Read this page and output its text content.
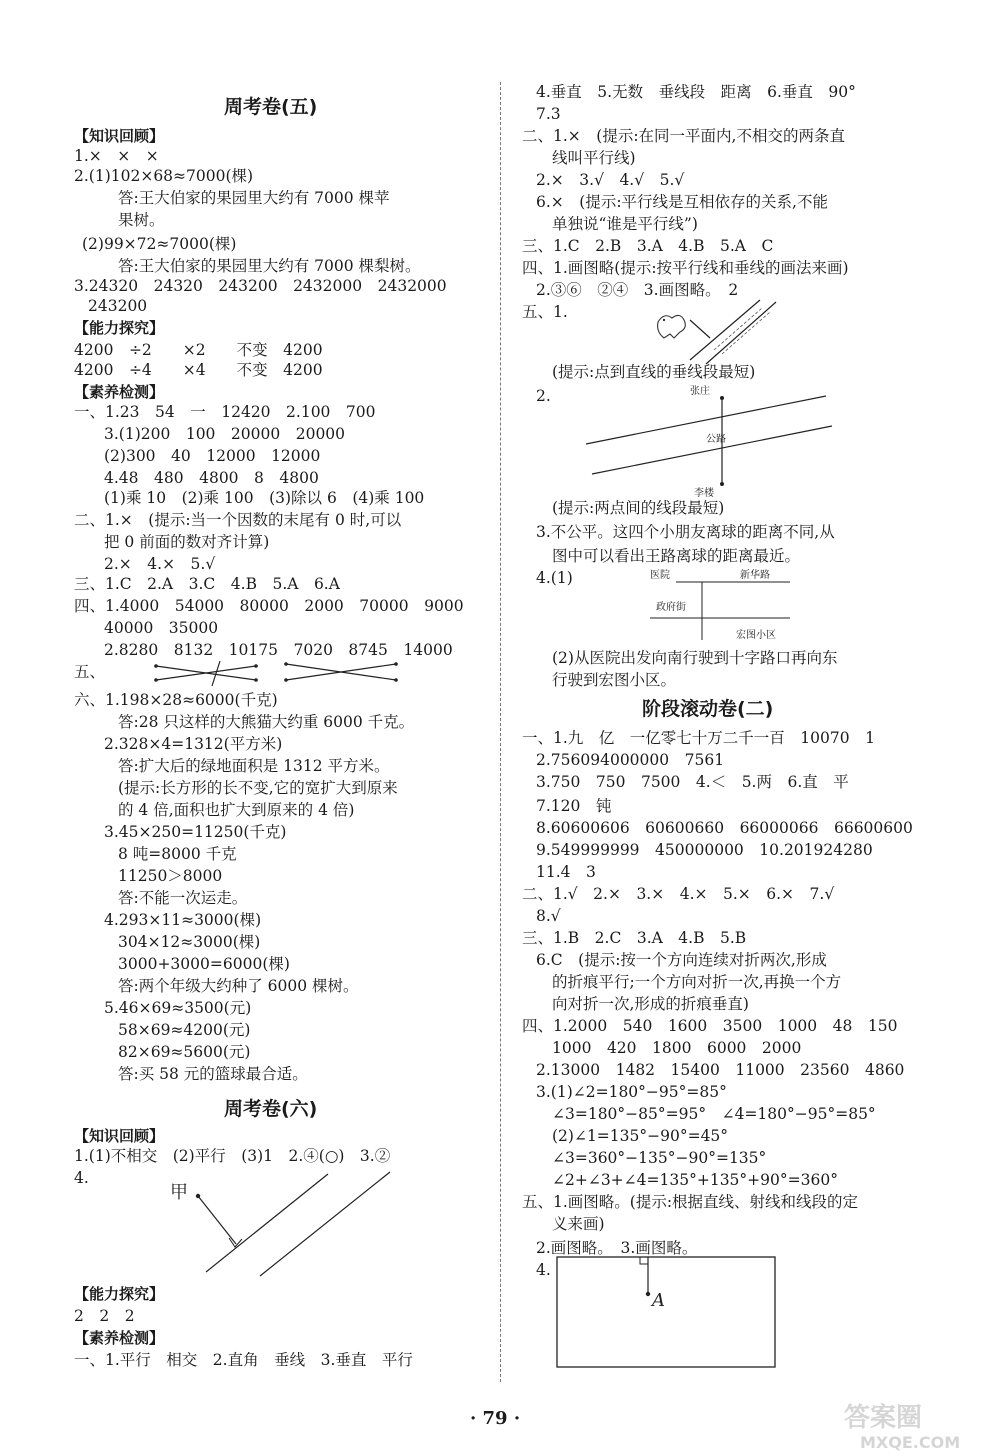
周考卷(五)
【知识回顾】
1.×　×　×
2.(1)102×68≈7000(棵)
答:王大伯家的果园里大约有 7000 棵苹
果树。
(2)99×72≈7000(棵)
答:王大伯家的果园里大约有 7000 棵梨树。
3.24320　24320　243200　2432000　2432000
243200
【能力探究】
4200　÷2　　×2　　不变　4200
4200　÷4　　×4　　不变　4200
【素养检测】
一、1.23　54　一　12420　2.100　700
3.(1)200　100　20000　20000
(2)300　40　12000　12000
4.48　480　4800　8　4800
(1)乘 10　(2)乘 100　(3)除以 6　(4)乘 100
二、1.×　(提示:当一个因数的末尾有 0 时,可以
把 0 前面的数对齐计算)
2.×　4.×　5.√
三、1.C　2.A　3.C　4.B　5.A　6.A
四、1.4000　54000　80000　2000　70000　9000
40000　35000
2.8280　8132　10175　7020　8745　14000
五、
六、1.198×28≈6000(千克)
答:28 只这样的大熊猫大约重 6000 千克。
2.328×4=1312(平方米)
答:扩大后的绿地面积是 1312 平方米。
(提示:长方形的长不变,它的宽扩大到原来
的 4 倍,面积也扩大到原来的 4 倍)
3.45×250=11250(千克)
8 吨=8000 千克
11250＞8000
答:不能一次运走。
4.293×11≈3000(棵)
304×12≈3000(棵)
3000+3000=6000(棵)
答:两个年级大约种了 6000 棵树。
5.46×69≈3500(元)
58×69≈4200(元)
82×69≈5600(元)
答:买 58 元的篮球最合适。
周考卷(六)
【知识回顾】
1.(1)不相交　(2)平行　(3)1　2.④(○)　3.②
4.
【能力探究】
2　2　2
【素养检测】
一、1.平行　相交　2.直角　垂线　3.垂直　平行
4.垂直　5.无数　垂线段　距离　6.垂直　90°
7.3
二、1.×　(提示:在同一平面内,不相交的两条直
线叫平行线)
2.×　3.√　4.√　5.√
6.×　(提示:平行线是互相依存的关系,不能
单独说“谁是平行线”)
三、1.C　2.B　3.A　4.B　5.A　C
四、1.画图略(提示:按平行线和垂线的画法来画)
2.③⑥　②④　3.画图略。　2
五、1.
(提示:点到直线的垂线段最短)
2.
(提示:两点间的线段最短)
3.不公平。这四个小朋友离球的距离不同,从
图中可以看出王路离球的距离最近。
4.(1)
(2)从医院出发向南行驶到十字路口再向东
行驶到宏图小区。
阶段滚动卷(二)
一、1.九　亿　一亿零七十万二千一百　10070　1
2.756094000000　7561
3.750　750　7500　4.＜　5.两　6.直　平
7.120　钝
8.60600606　60600660　66000066　66600600
9.549999999　450000000　10.201924280
11.4　3
二、1.√　2.×　3.×　4.×　5.×　6.×　7.√
8.√
三、1.B　2.C　3.A　4.B　5.B
6.C　(提示:按一个方向连续对折两次,形成
的折痕平行;一个方向对折一次,再换一个方
向对折一次,形成的折痕垂直)
四、1.2000　540　1600　3500　1000　48　150
1000　420　1800　6000　2000
2.13000　1482　15400　11000　23560　4860
3.(1)∠2=180°−95°=85°
∠3=180°−85°=95°　∠4=180°−95°=85°
(2)∠1=135°−90°=45°
∠3=360°−135°−90°=135°
∠2+∠3+∠4=135°+135°+90°=360°
五、1.画图略。(提示:根据直线、射线和线段的定
义来画)
2.画图略。　3.画图略。
4.
甲
张庄
公路
李楼
医院	新华路
政府街
宏图小区
A
· 79 ·	答案圈
MXQE.COM
